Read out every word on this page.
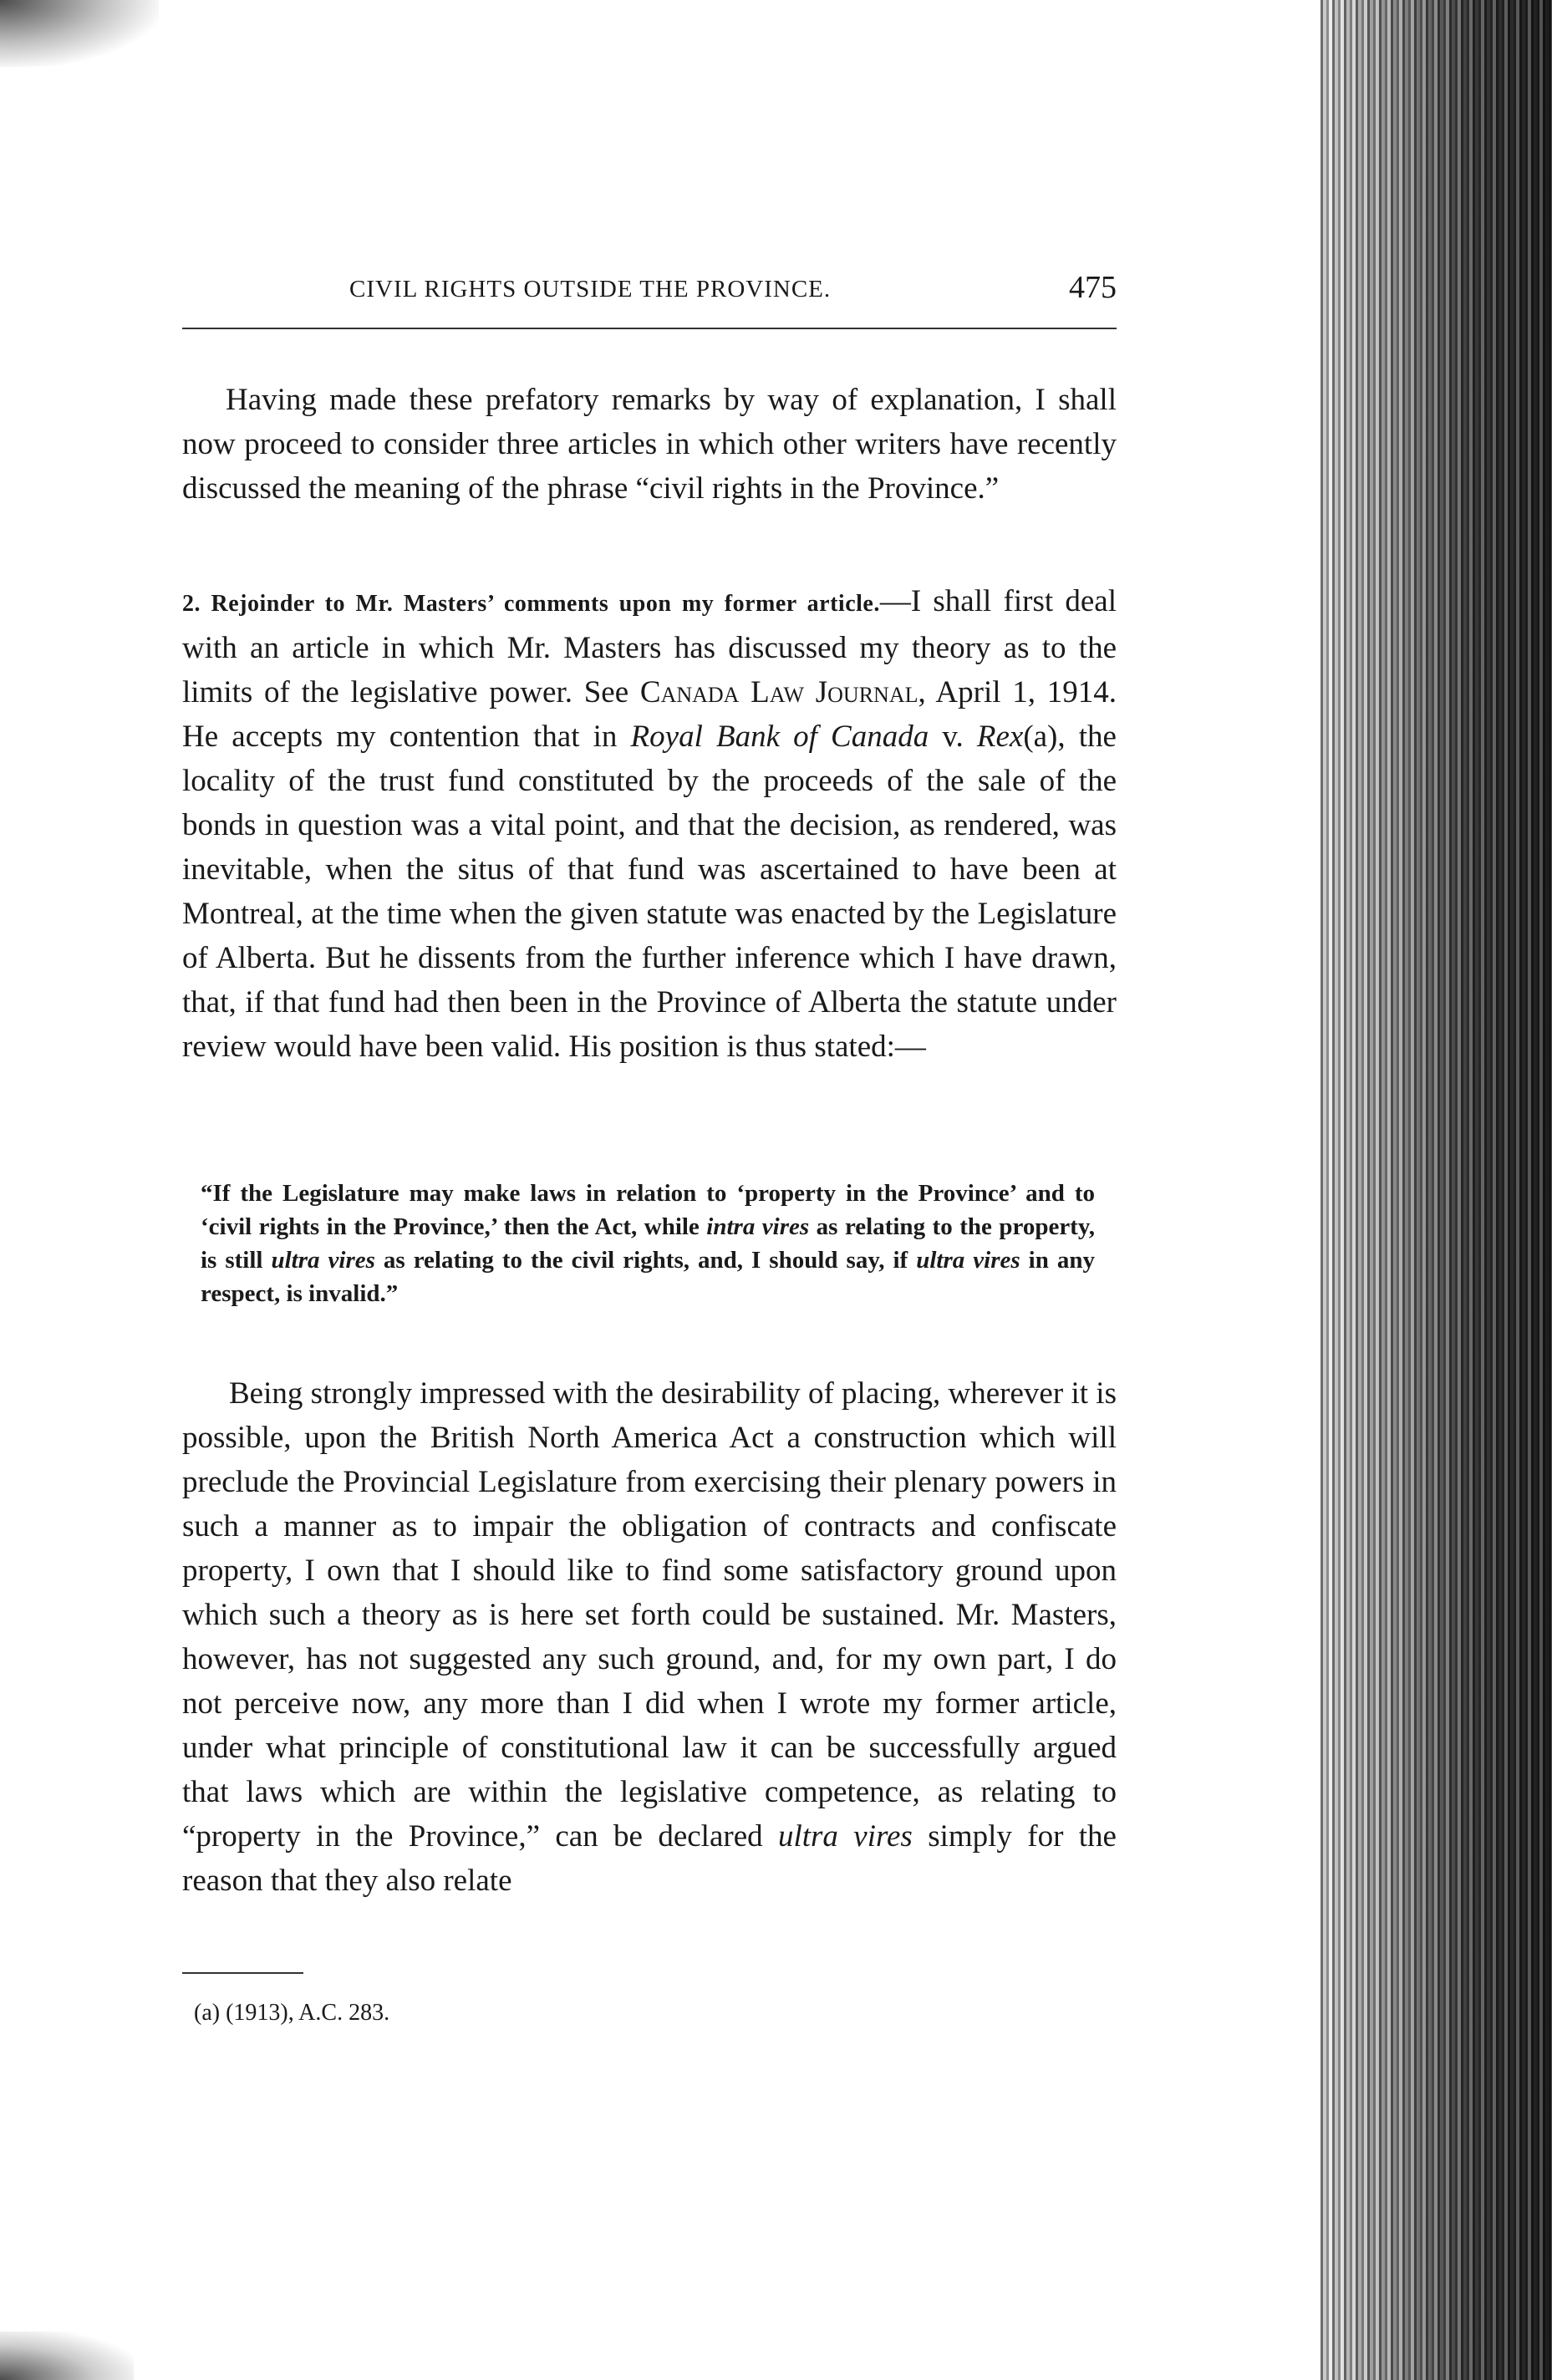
CIVIL RIGHTS OUTSIDE THE PROVINCE.	475

Having made these prefatory remarks by way of explanation, I shall now proceed to consider three articles in which other writers have recently discussed the meaning of the phrase “civil rights in the Province.”

2. Rejoinder to Mr. Masters’ comments upon my former article.—I shall first deal with an article in which Mr. Masters has discussed my theory as to the limits of the legislative power. See Canada Law Journal, April 1, 1914. He accepts my contention that in Royal Bank of Canada v. Rex(a), the locality of the trust fund constituted by the proceeds of the sale of the bonds in question was a vital point, and that the decision, as rendered, was inevitable, when the situs of that fund was ascertained to have been at Montreal, at the time when the given statute was enacted by the Legislature of Alberta. But he dissents from the further inference which I have drawn, that, if that fund had then been in the Province of Alberta the statute under review would have been valid. His position is thus stated:—

“If the Legislature may make laws in relation to ‘property in the Province’ and to ‘civil rights in the Province,’ then the Act, while intra vires as relating to the property, is still ultra vires as relating to the civil rights, and, I should say, if ultra vires in any respect, is invalid.”

Being strongly impressed with the desirability of placing, wherever it is possible, upon the British North America Act a construction which will preclude the Provincial Legislature from exercising their plenary powers in such a manner as to impair the obligation of contracts and confiscate property, I own that I should like to find some satisfactory ground upon which such a theory as is here set forth could be sustained. Mr. Masters, however, has not suggested any such ground, and, for my own part, I do not perceive now, any more than I did when I wrote my former article, under what principle of constitutional law it can be successfully argued that laws which are within the legislative competence, as relating to “property in the Province,” can be declared ultra vires simply for the reason that they also relate

(a) (1913), A.C. 283.
